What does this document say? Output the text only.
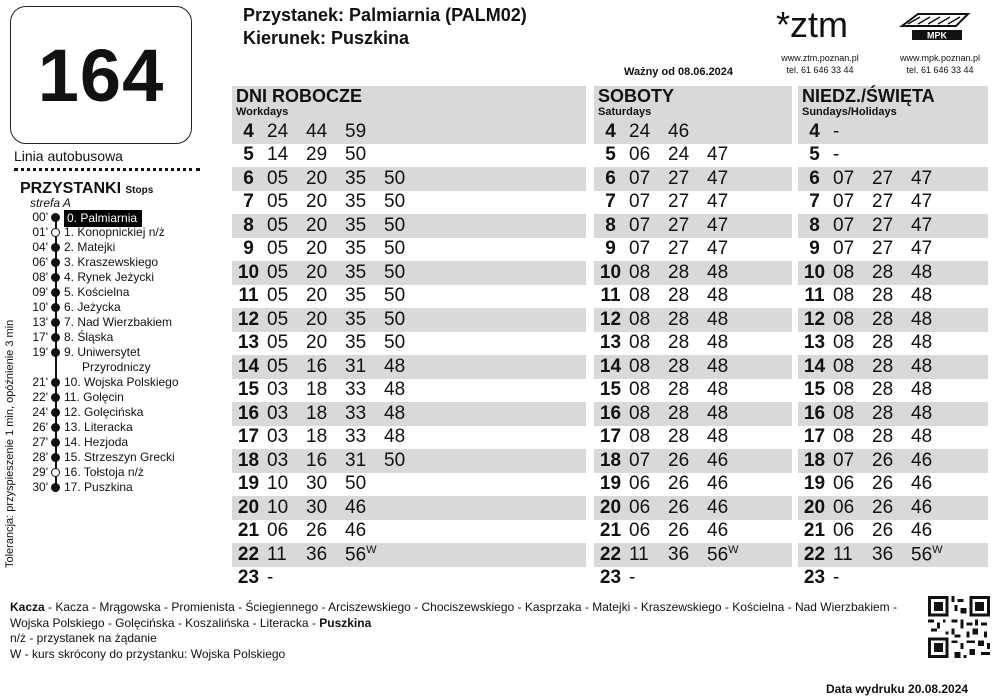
164
Linia autobusowa
PRZYSTANKI Stops
strefa A
00' 0. Palmiarnia
01' 1. Konopnickiej n/ż
04' 2. Matejki
06' 3. Kraszewskiego
08' 4. Rynek Jeżycki
09' 5. Kościelna
10' 6. Jeżycka
13' 7. Nad Wierzbakiem
17' 8. Śląska
19' 9. Uniwersytet
Przyrodniczy
21' 10. Wojska Polskiego
22' 11. Golęcin
24' 12. Golęcińska
26' 13. Literacka
27' 14. Hezjoda
28' 15. Strzeszyn Grecki
29' 16. Tołstoja n/ż
30' 17. Puszkina
Tolerancja: przyspieszenie 1 min, opóźnienie 3 min
Przystanek: Palmiarnia (PALM02)
Kierunek: Puszkina	*ztm
www.ztm.poznan.pl
tel. 61 646 33 44
MPK
www.mpk.poznan.pl
tel. 61 646 33 44
Ważny od 08.06.2024
DNI ROBOCZE
Workdays
4 24 44 59
5 14 29 50
6 05 20 35 50
7 05 20 35 50
8 05 20 35 50
9 05 20 35 50
10 05 20 35 50
11 05 20 35 50
12 05 20 35 50
13 05 20 35 50
14 05 16 31 48
15 03 18 33 48
16 03 18 33 48
17 03 18 33 48
18 03 16 31 50
19 10 30 50
20 10 30 46
21 06 26 46
22 11	36 $56^W$
23 -
SOBOTY
Saturdays
4 24 46
5 06 24 47
6 07 27 47
7 07 27 47
8 07 27 47
9 07 27 47
10 08 28 48
11 08 28 48
12 08 28 48
13 08 28 48
14 08 28 48
15 08 28 48
16 08 28 48
17 08 28 48
18 07 26 46
19 06 26 46
20 06 26 46
21 06 26 46
22 11	36 $56^W$
23 -
NIEDZ./ŚWIĘTA
Sundays/Holidays
4 -
5 -
6 07 27 47
7 07 27 47
8 07 27 47
9 07 27 47
10 08 28 48
11 08 28 48
12 08 28 48
13 08 28 48
14 08 28 48
15 08 28 48
16 08 28 48
17 08 28 48
18 07 26 46
19 06 26 46
20 06 26 46
21 06 26 46
22 11	36 $56^W$
23 -
Kacza - Kacza - Mrągowska - Promienista - Ściegiennego - Arciszewskiego - Chociszewskiego - Kasprzaka - Matejki - Kraszewskiego - Kościelna - Nad Wierzbakiem - Wojska Polskiego - Golęcińska - Koszalińska - Literacka - Puszkina
n/ż - przystanek na żądanie
W - kurs skrócony do przystanku: Wojska Polskiego
Data wydruku 20.08.2024
